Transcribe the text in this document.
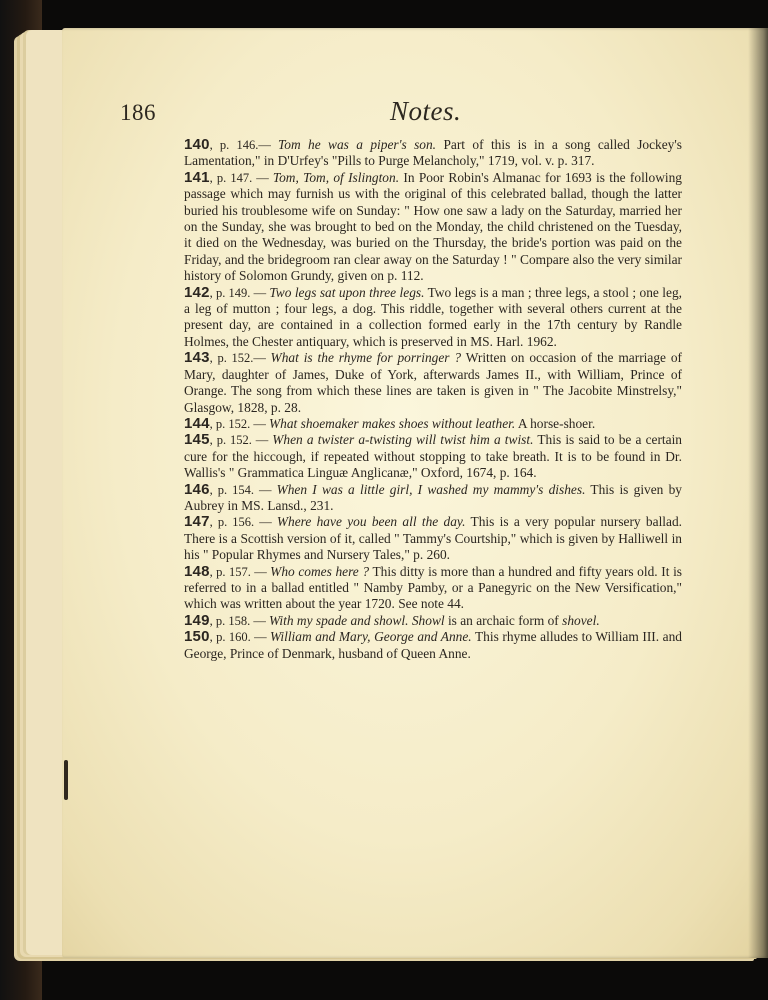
186	Notes.

140, p. 146.— Tom he was a piper's son. Part of this is in a song called Jockey's Lamentation," in D'Urfey's "Pills to Purge Melancholy," 1719, vol. v. p. 317.

141, p. 147. — Tom, Tom, of Islington. In Poor Robin's Almanac for 1693 is the following passage which may furnish us with the original of this celebrated ballad, though the latter buried his troublesome wife on Sunday: " How one saw a lady on the Saturday, married her on the Sunday, she was brought to bed on the Monday, the child christened on the Tuesday, it died on the Wednesday, was buried on the Thursday, the bride's portion was paid on the Friday, and the bridegroom ran clear away on the Saturday ! " Compare also the very similar history of Solomon Grundy, given on p. 112.

142, p. 149. — Two legs sat upon three legs. Two legs is a man ; three legs, a stool ; one leg, a leg of mutton ; four legs, a dog. This riddle, together with several others current at the present day, are contained in a collection formed early in the 17th century by Randle Holmes, the Chester antiquary, which is preserved in MS. Harl. 1962.

143, p. 152.— What is the rhyme for porringer ? Written on occasion of the marriage of Mary, daughter of James, Duke of York, afterwards James II., with William, Prince of Orange. The song from which these lines are taken is given in " The Jacobite Minstrelsy," Glasgow, 1828, p. 28.

144, p. 152. — What shoemaker makes shoes without leather. A horse-shoer.

145, p. 152. — When a twister a-twisting will twist him a twist. This is said to be a certain cure for the hiccough, if repeated without stopping to take breath. It is to be found in Dr. Wallis's " Grammatica Linguæ Anglicanæ," Oxford, 1674, p. 164.

146, p. 154. — When I was a little girl, I washed my mammy's dishes. This is given by Aubrey in MS. Lansd., 231.

147, p. 156. — Where have you been all the day. This is a very popular nursery ballad. There is a Scottish version of it, called " Tammy's Courtship," which is given by Halliwell in his " Popular Rhymes and Nursery Tales," p. 260.

148, p. 157. — Who comes here ? This ditty is more than a hundred and fifty years old. It is referred to in a ballad entitled " Namby Pamby, or a Panegyric on the New Versification," which was written about the year 1720. See note 44.

149, p. 158. — With my spade and showl. Showl is an archaic form of shovel.

150, p. 160. — William and Mary, George and Anne. This rhyme alludes to William III. and George, Prince of Denmark, husband of Queen Anne.
